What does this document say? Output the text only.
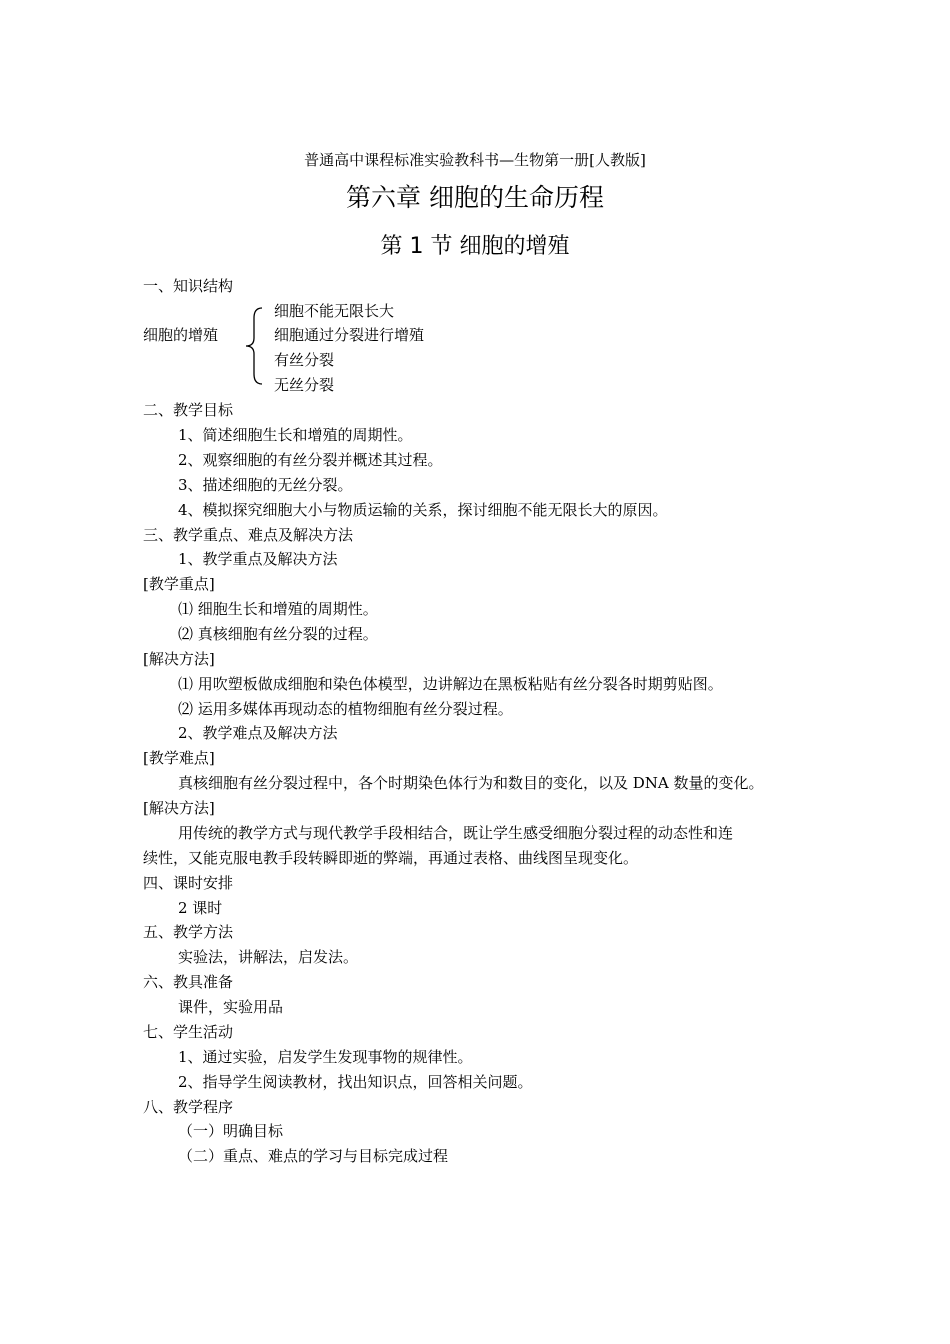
普通高中课程标准实验教科书—生物第一册[人教版]
第六章 细胞的生命历程
第 1 节 细胞的增殖
一、知识结构
细胞的增殖
细胞不能无限长大
细胞通过分裂进行增殖
有丝分裂
无丝分裂
二、教学目标
1、简述细胞生长和增殖的周期性。
2、观察细胞的有丝分裂并概述其过程。
3、描述细胞的无丝分裂。
4、模拟探究细胞大小与物质运输的关系，探讨细胞不能无限长大的原因。
三、教学重点、难点及解决方法
1、教学重点及解决方法
[教学重点]
⑴ 细胞生长和增殖的周期性。
⑵ 真核细胞有丝分裂的过程。
[解决方法]
⑴ 用吹塑板做成细胞和染色体模型，边讲解边在黑板粘贴有丝分裂各时期剪贴图。
⑵ 运用多媒体再现动态的植物细胞有丝分裂过程。
2、教学难点及解决方法
[教学难点]
真核细胞有丝分裂过程中，各个时期染色体行为和数目的变化，以及 DNA 数量的变化。
[解决方法]
用传统的教学方式与现代教学手段相结合，既让学生感受细胞分裂过程的动态性和连
续性，又能克服电教手段转瞬即逝的弊端，再通过表格、曲线图呈现变化。
四、课时安排
2 课时
五、教学方法
实验法，讲解法，启发法。
六、教具准备
课件，实验用品
七、学生活动
1、通过实验，启发学生发现事物的规律性。
2、指导学生阅读教材，找出知识点，回答相关问题。
八、教学程序
（一）明确目标
（二）重点、难点的学习与目标完成过程
